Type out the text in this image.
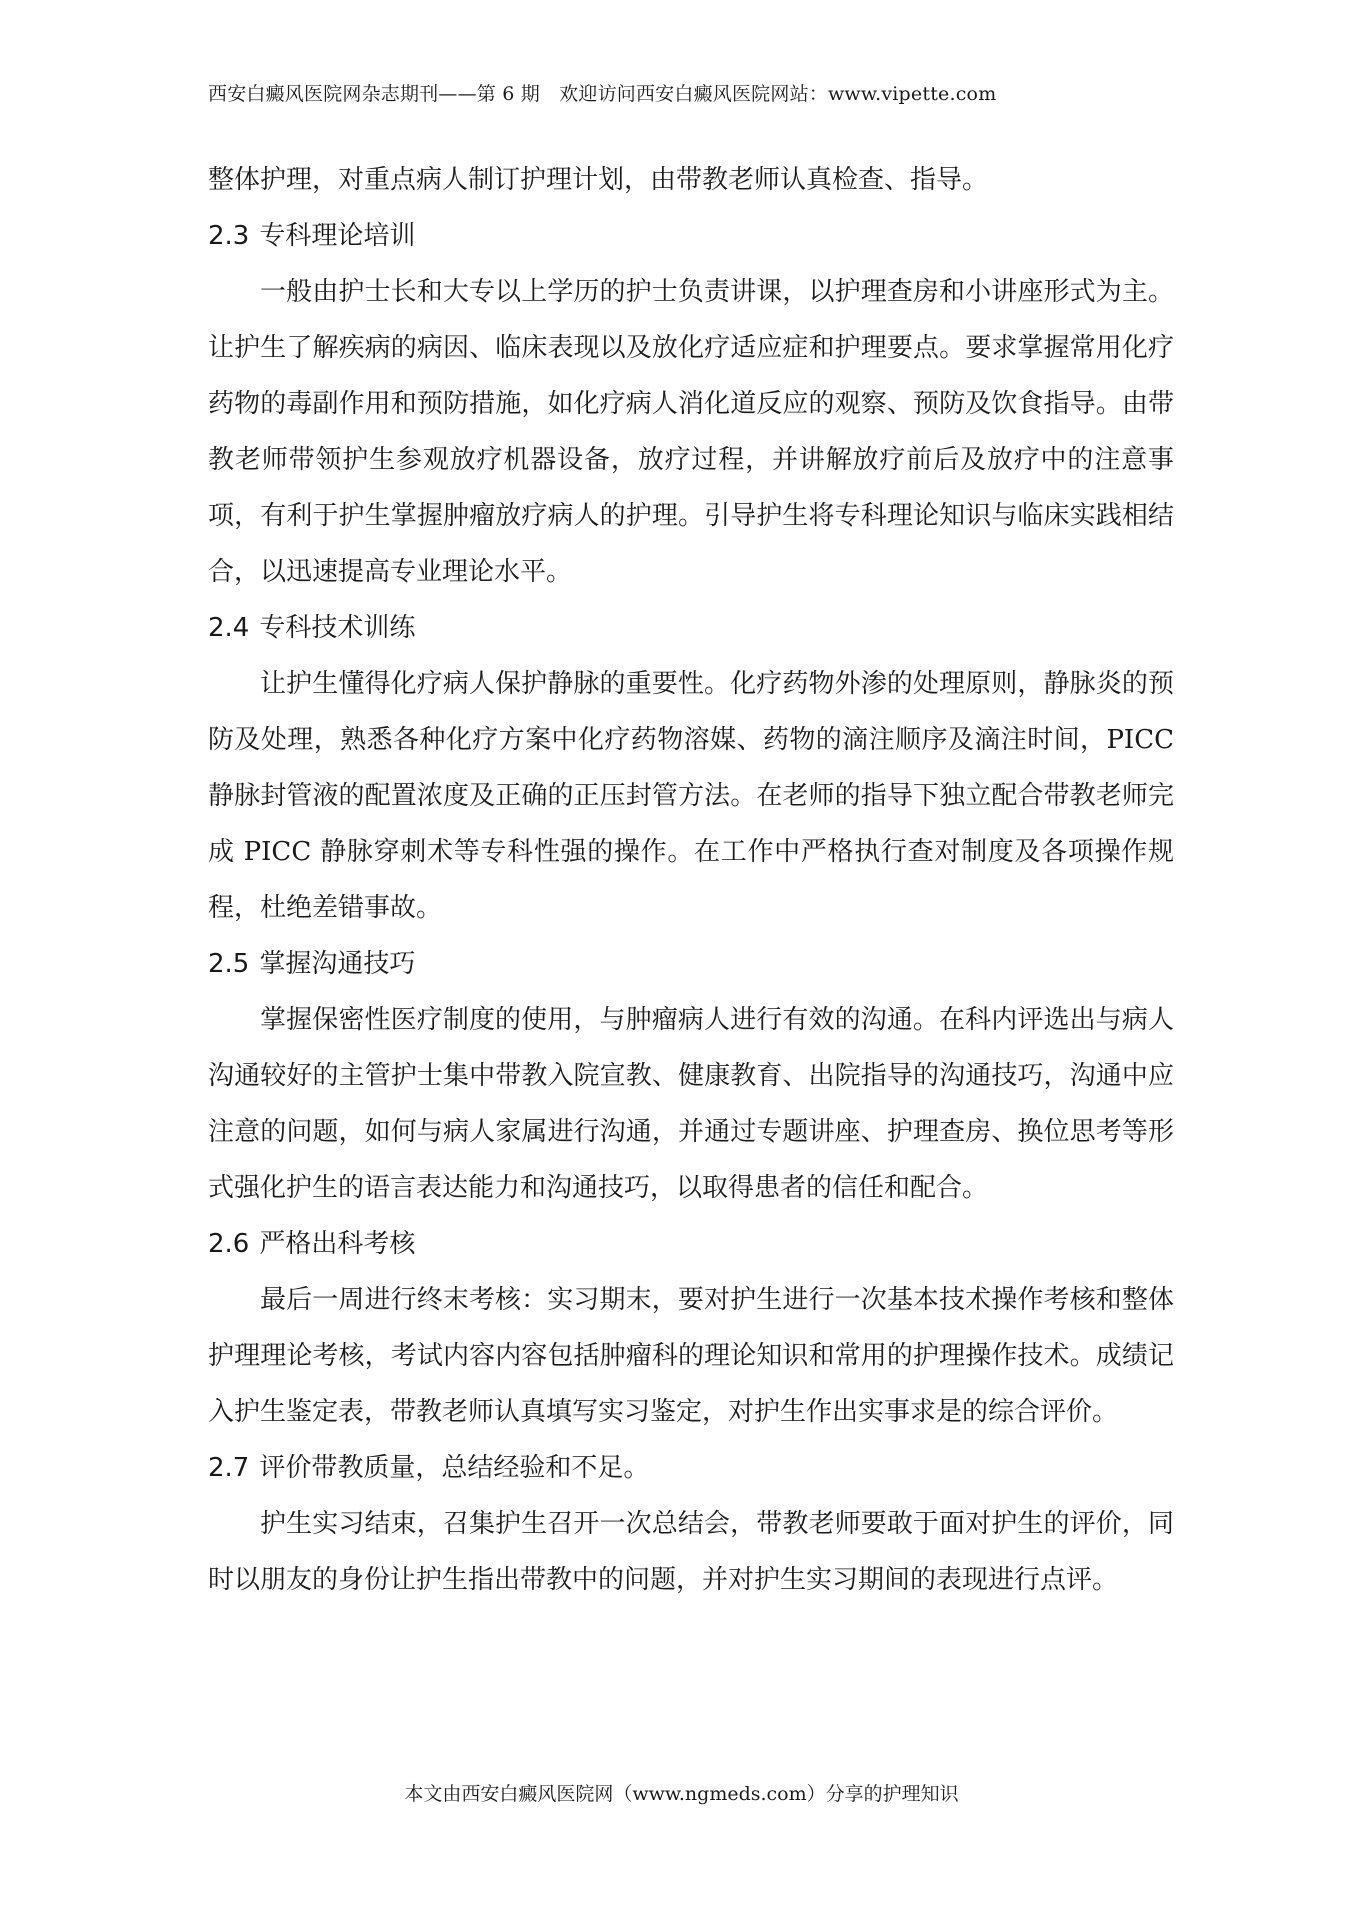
西安白癜风医院网杂志期刊——第 6 期　欢迎访问西安白癜风医院网站：www.vipette.com

整体护理，对重点病人制订护理计划，由带教老师认真检查、指导。

2.3 专科理论培训

一般由护士长和大专以上学历的护士负责讲课，以护理查房和小讲座形式为主。让护生了解疾病的病因、临床表现以及放化疗适应症和护理要点。要求掌握常用化疗药物的毒副作用和预防措施，如化疗病人消化道反应的观察、预防及饮食指导。由带教老师带领护生参观放疗机器设备，放疗过程，并讲解放疗前后及放疗中的注意事项，有利于护生掌握肿瘤放疗病人的护理。引导护生将专科理论知识与临床实践相结合，以迅速提高专业理论水平。

2.4 专科技术训练

让护生懂得化疗病人保护静脉的重要性。化疗药物外渗的处理原则，静脉炎的预防及处理，熟悉各种化疗方案中化疗药物溶媒、药物的滴注顺序及滴注时间，PICC 静脉封管液的配置浓度及正确的正压封管方法。在老师的指导下独立配合带教老师完成 PICC 静脉穿刺术等专科性强的操作。在工作中严格执行查对制度及各项操作规程，杜绝差错事故。

2.5 掌握沟通技巧

掌握保密性医疗制度的使用，与肿瘤病人进行有效的沟通。在科内评选出与病人沟通较好的主管护士集中带教入院宣教、健康教育、出院指导的沟通技巧，沟通中应注意的问题，如何与病人家属进行沟通，并通过专题讲座、护理查房、换位思考等形式强化护生的语言表达能力和沟通技巧，以取得患者的信任和配合。

2.6 严格出科考核

最后一周进行终末考核：实习期末，要对护生进行一次基本技术操作考核和整体护理理论考核，考试内容内容包括肿瘤科的理论知识和常用的护理操作技术。成绩记入护生鉴定表，带教老师认真填写实习鉴定，对护生作出实事求是的综合评价。

2.7 评价带教质量，总结经验和不足。

护生实习结束，召集护生召开一次总结会，带教老师要敢于面对护生的评价，同时以朋友的身份让护生指出带教中的问题，并对护生实习期间的表现进行点评。

本文由西安白癜风医院网（www.ngmeds.com）分享的护理知识
